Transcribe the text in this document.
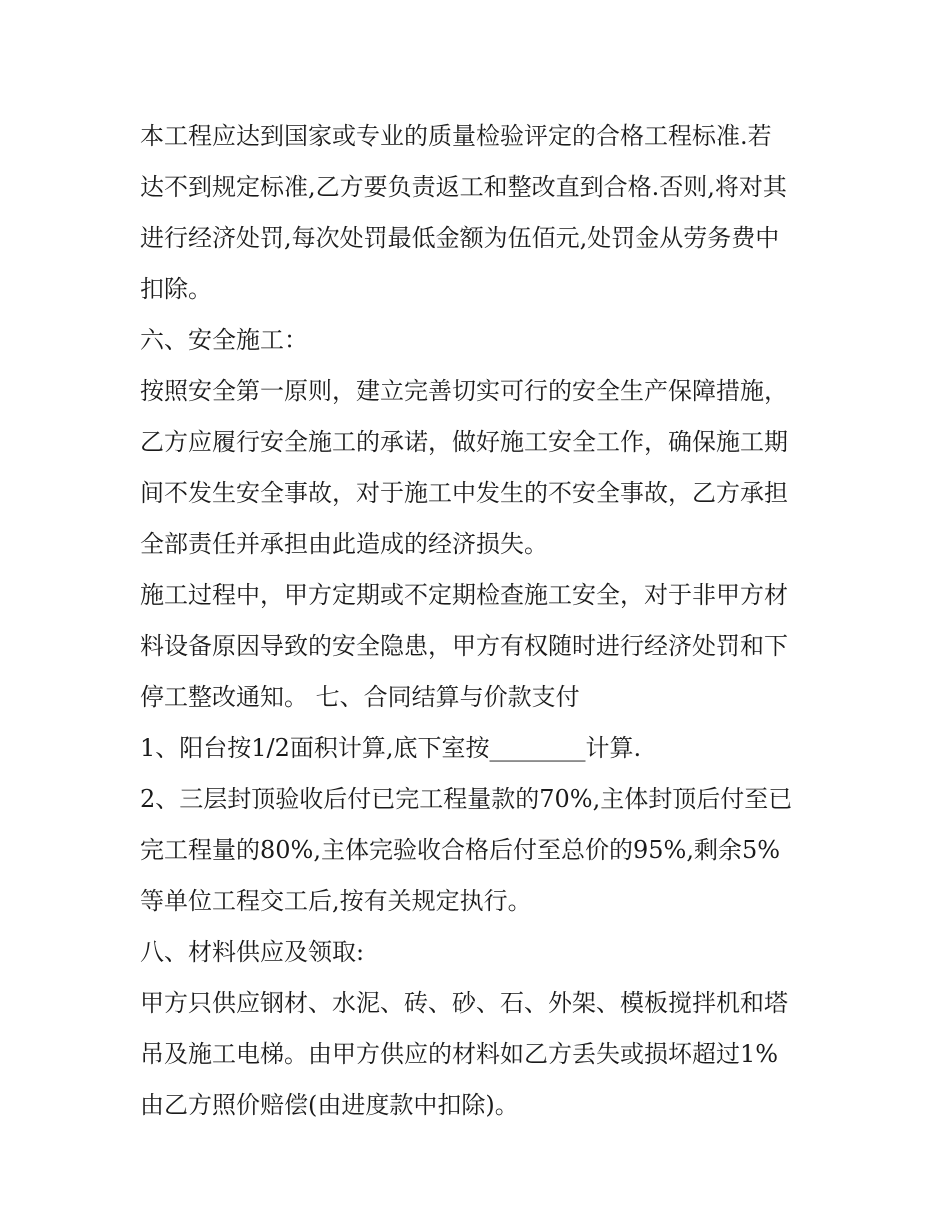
本工程应达到国家或专业的质量检验评定的合格工程标准.若
达不到规定标准,乙方要负责返工和整改直到合格.否则,将对其
进行经济处罚,每次处罚最低金额为伍佰元,处罚金从劳务费中
扣除。

六、安全施工：

按照安全第一原则，建立完善切实可行的安全生产保障措施，
乙方应履行安全施工的承诺，做好施工安全工作，确保施工期
间不发生安全事故，对于施工中发生的不安全事故，乙方承担
全部责任并承担由此造成的经济损失。

施工过程中，甲方定期或不定期检查施工安全，对于非甲方材
料设备原因导致的安全隐患，甲方有权随时进行经济处罚和下
停工整改通知。 七、合同结算与价款支付

1、阳台按1/2面积计算,底下室按________计算.

2、三层封顶验收后付已完工程量款的70%,主体封顶后付至已
完工程量的80%,主体完验收合格后付至总价的95%,剩余5%
等单位工程交工后,按有关规定执行。

八、材料供应及领取:

甲方只供应钢材、水泥、砖、砂、石、外架、模板搅拌机和塔
吊及施工电梯。由甲方供应的材料如乙方丢失或损坏超过1%
由乙方照价赔偿(由进度款中扣除)。
